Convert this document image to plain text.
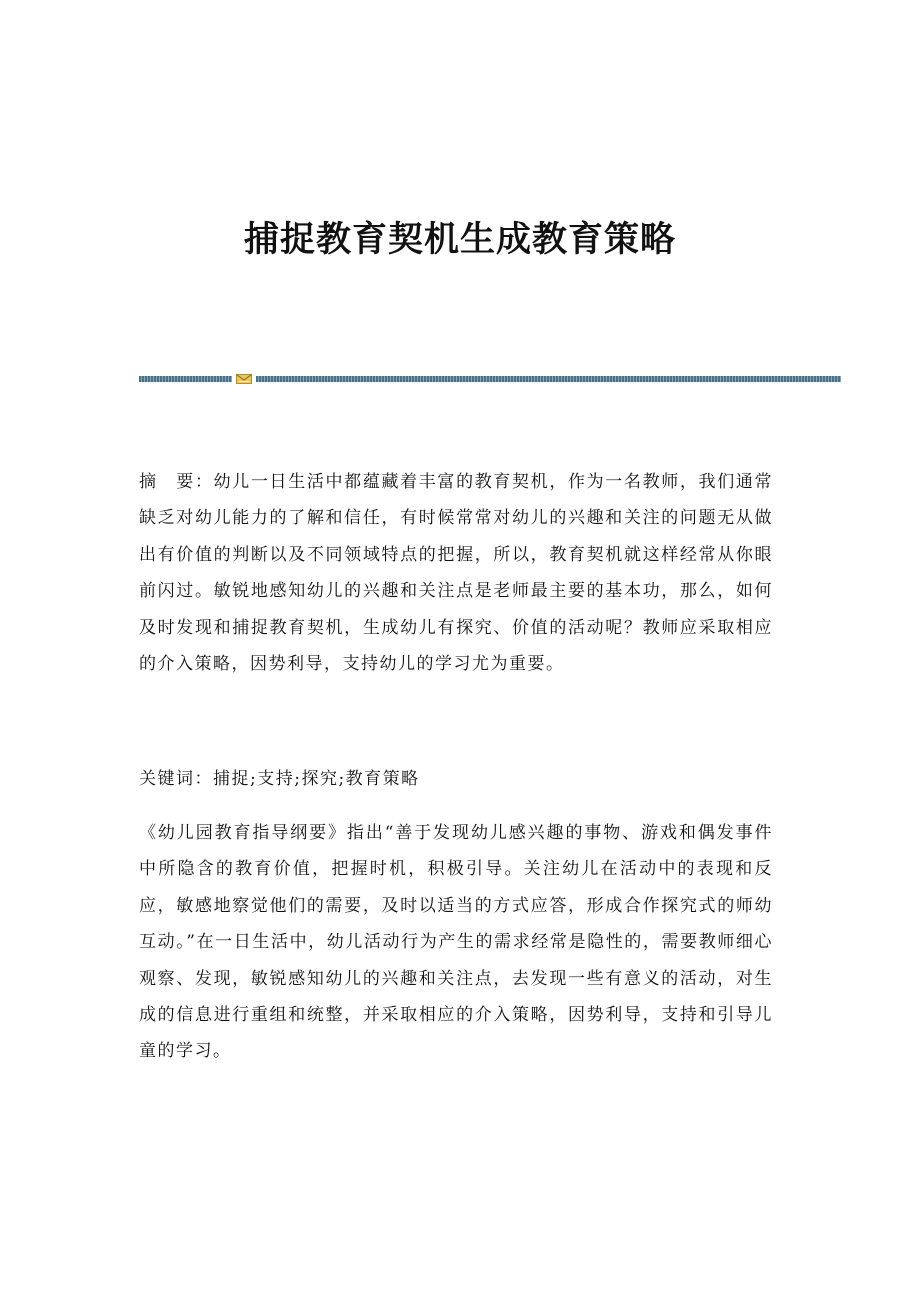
捕捉教育契机生成教育策略

摘　要：幼儿一日生活中都蕴藏着丰富的教育契机，作为一名教师，我们通常缺乏对幼儿能力的了解和信任，有时候常常对幼儿的兴趣和关注的问题无从做出有价值的判断以及不同领域特点的把握，所以，教育契机就这样经常从你眼前闪过。敏锐地感知幼儿的兴趣和关注点是老师最主要的基本功，那么，如何及时发现和捕捉教育契机，生成幼儿有探究、价值的活动呢？教师应采取相应的介入策略，因势利导，支持幼儿的学习尤为重要。

关键词：捕捉;支持;探究;教育策略

《幼儿园教育指导纲要》指出“善于发现幼儿感兴趣的事物、游戏和偶发事件中所隐含的教育价值，把握时机，积极引导。关注幼儿在活动中的表现和反应，敏感地察觉他们的需要，及时以适当的方式应答，形成合作探究式的师幼互动。”在一日生活中，幼儿活动行为产生的需求经常是隐性的，需要教师细心观察、发现，敏锐感知幼儿的兴趣和关注点，去发现一些有意义的活动，对生成的信息进行重组和统整，并采取相应的介入策略，因势利导，支持和引导儿童的学习。
